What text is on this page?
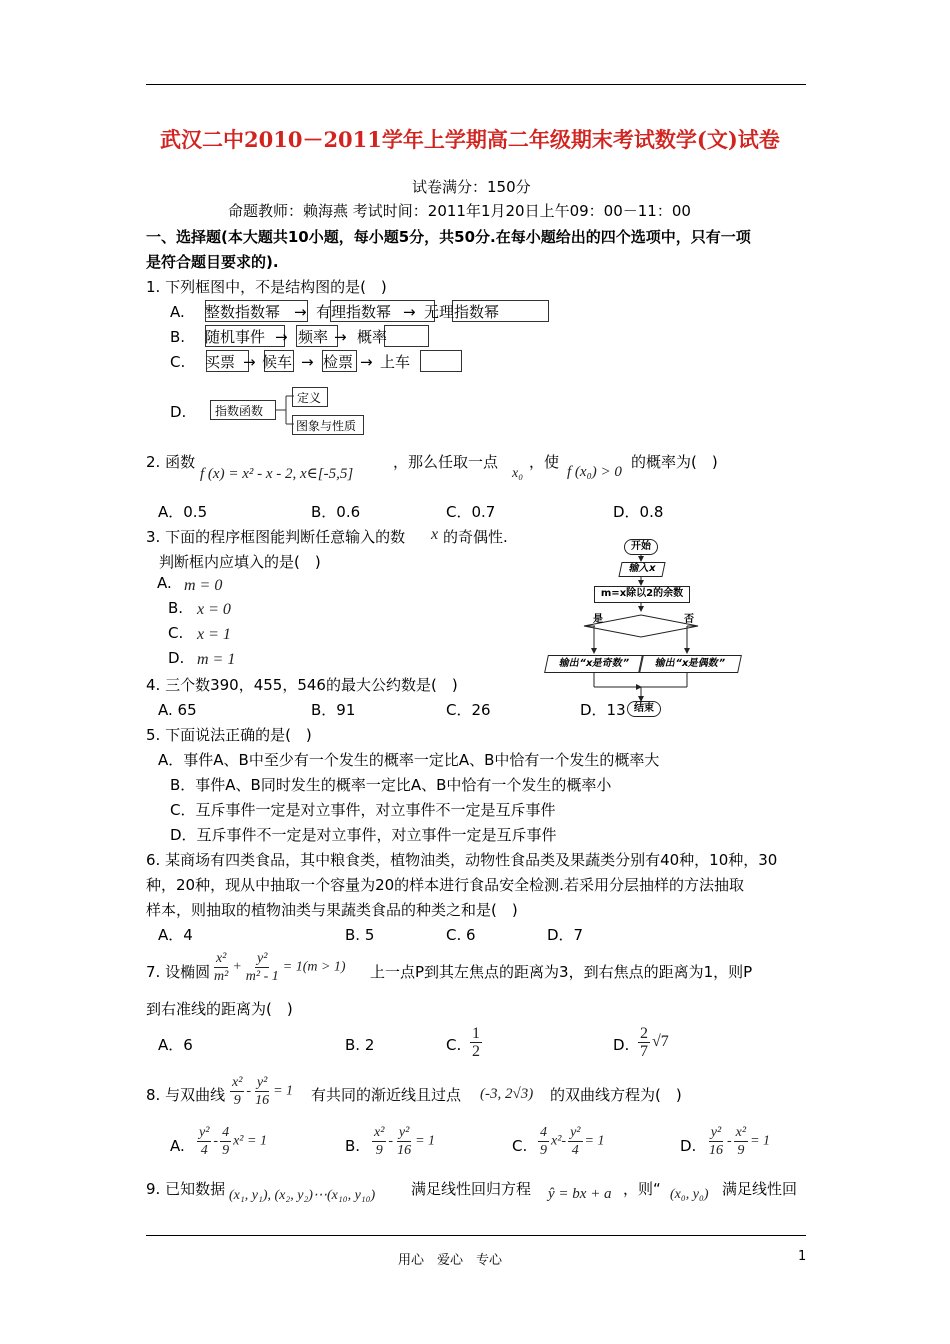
武汉二中2010－2011学年上学期高二年级期末考试数学(文)试卷
试卷满分：150分
命题教师：赖海燕 考试时间：2011年1月20日上午09：00－11：00
一、选择题(本大题共10小题，每小题5分，共50分.在每小题给出的四个选项中，只有一项
是符合题目要求的).
1. 下列框图中，不是结构图的是(　)
A. 整数指数幂 → 有理指数幂 → 无理指数幂
B. 随机事件 → 频率 → 概率
C. 买票 → 候车 → 检票 → 上车
D. 指数函数
定义
图象与性质
2. 函数
f (x) = x² - x - 2, x∈[-5,5]
，那么任取一点
x₀
，使
f (x₀) > 0
的概率为(　)
A．0.5	B．0.6	C．0.7	D．0.8
3. 下面的程序框图能判断任意输入的数 x 的奇偶性.
判断框内应填入的是(　)
A. m = 0
B. x = 0
C. x = 1
D. m = 1
开始
输入x
m=x除以2的余数
是	否
输出“x是奇数”	输出“x是偶数”
结束
4. 三个数390，455，546的最大公约数是(　)
A. 65	B．91	C．26	D．13
5. 下面说法正确的是(　)
A．事件A、B中至少有一个发生的概率一定比A、B中恰有一个发生的概率大
B．事件A、B同时发生的概率一定比A、B中恰有一个发生的概率小
C．互斥事件一定是对立事件，对立事件不一定是互斥事件
D．互斥事件不一定是对立事件，对立事件一定是互斥事件
6. 某商场有四类食品，其中粮食类，植物油类，动物性食品类及果蔬类分别有40种，10种，30
种，20种，现从中抽取一个容量为20的样本进行食品安全检测.若采用分层抽样的方法抽取
样本，则抽取的植物油类与果蔬类食品的种类之和是(　)
A．4	B. 5	C. 6	D．7
7. 设椭圆 $\frac{\text{x²}}{\text{m²}} + \frac{\text{y²}}{\text{m² - 1}} = 1(m > 1)$ 上一点P到其左焦点的距离为3，到右焦点的距离为1，则P
到右准线的距离为(　)
A．6	B. 2	C. $\frac{1}{2}$	D. $\frac{2}{7} √7$
8. 与双曲线 $\frac{\text{x²}}{9} - \frac{\text{y²}}{16} = 1$ 有共同的渐近线且过点 (-3, 2√3) 的双曲线方程为(　)
A. $\frac{\text{y²}}{4} - \frac{4}{9} x^2 = 1$	B. $\frac{\text{x²}}{9} - \frac{\text{y²}}{16} = 1$	C. $\frac{4}{9} x^2- \frac{\text{y²}}{4} = 1$	D. $\frac{\text{y²}}{16} - \frac{\text{x²}}{9} = 1$
9. 已知数据 (x₁, y₁), (x₂, y₂)⋯(x₁₀, y₁₀) 满足线性回归方程 ŷ = bx + a ，则“ (x₀, y₀) 满足线性回
用心　爱心　专心	1
